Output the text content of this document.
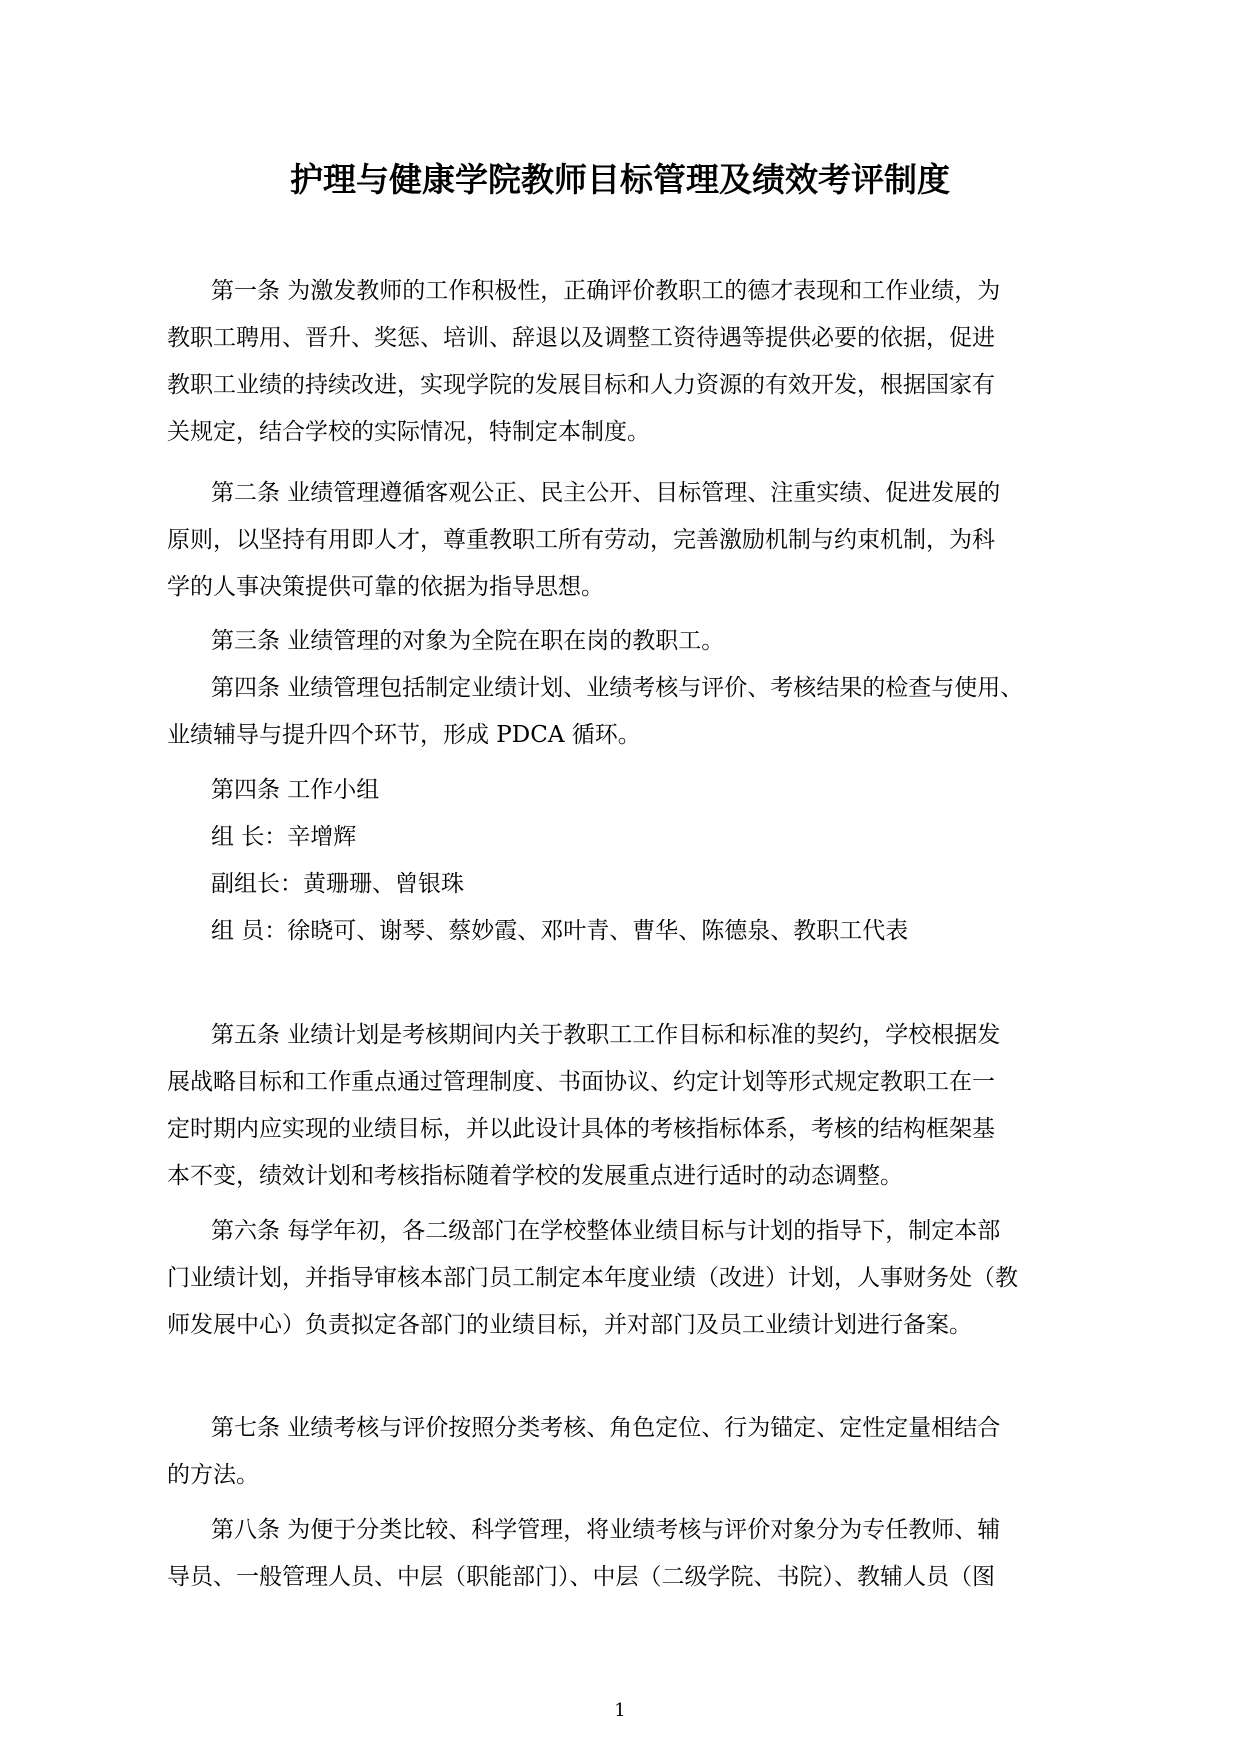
护理与健康学院教师目标管理及绩效考评制度
第一条 为激发教师的工作积极性，正确评价教职工的德才表现和工作业绩，为
教职工聘用、晋升、奖惩、培训、辞退以及调整工资待遇等提供必要的依据，促进
教职工业绩的持续改进，实现学院的发展目标和人力资源的有效开发，根据国家有
关规定，结合学校的实际情况，特制定本制度。
第二条 业绩管理遵循客观公正、民主公开、目标管理、注重实绩、促进发展的
原则，以坚持有用即人才，尊重教职工所有劳动，完善激励机制与约束机制，为科
学的人事决策提供可靠的依据为指导思想。
第三条 业绩管理的对象为全院在职在岗的教职工。
第四条 业绩管理包括制定业绩计划、业绩考核与评价、考核结果的检查与使用、
业绩辅导与提升四个环节，形成 PDCA 循环。
第四条 工作小组
组 长：辛增辉
副组长：黄珊珊、曾银珠
组 员：徐晓可、谢琴、蔡妙霞、邓叶青、曹华、陈德泉、教职工代表
第五条 业绩计划是考核期间内关于教职工工作目标和标准的契约，学校根据发
展战略目标和工作重点通过管理制度、书面协议、约定计划等形式规定教职工在一
定时期内应实现的业绩目标，并以此设计具体的考核指标体系，考核的结构框架基
本不变，绩效计划和考核指标随着学校的发展重点进行适时的动态调整。
第六条 每学年初，各二级部门在学校整体业绩目标与计划的指导下，制定本部
门业绩计划，并指导审核本部门员工制定本年度业绩（改进）计划，人事财务处（教
师发展中心）负责拟定各部门的业绩目标，并对部门及员工业绩计划进行备案。
第七条 业绩考核与评价按照分类考核、角色定位、行为锚定、定性定量相结合
的方法。
第八条 为便于分类比较、科学管理，将业绩考核与评价对象分为专任教师、辅
导员、一般管理人员、中层（职能部门）、中层（二级学院、书院）、教辅人员（图
1
